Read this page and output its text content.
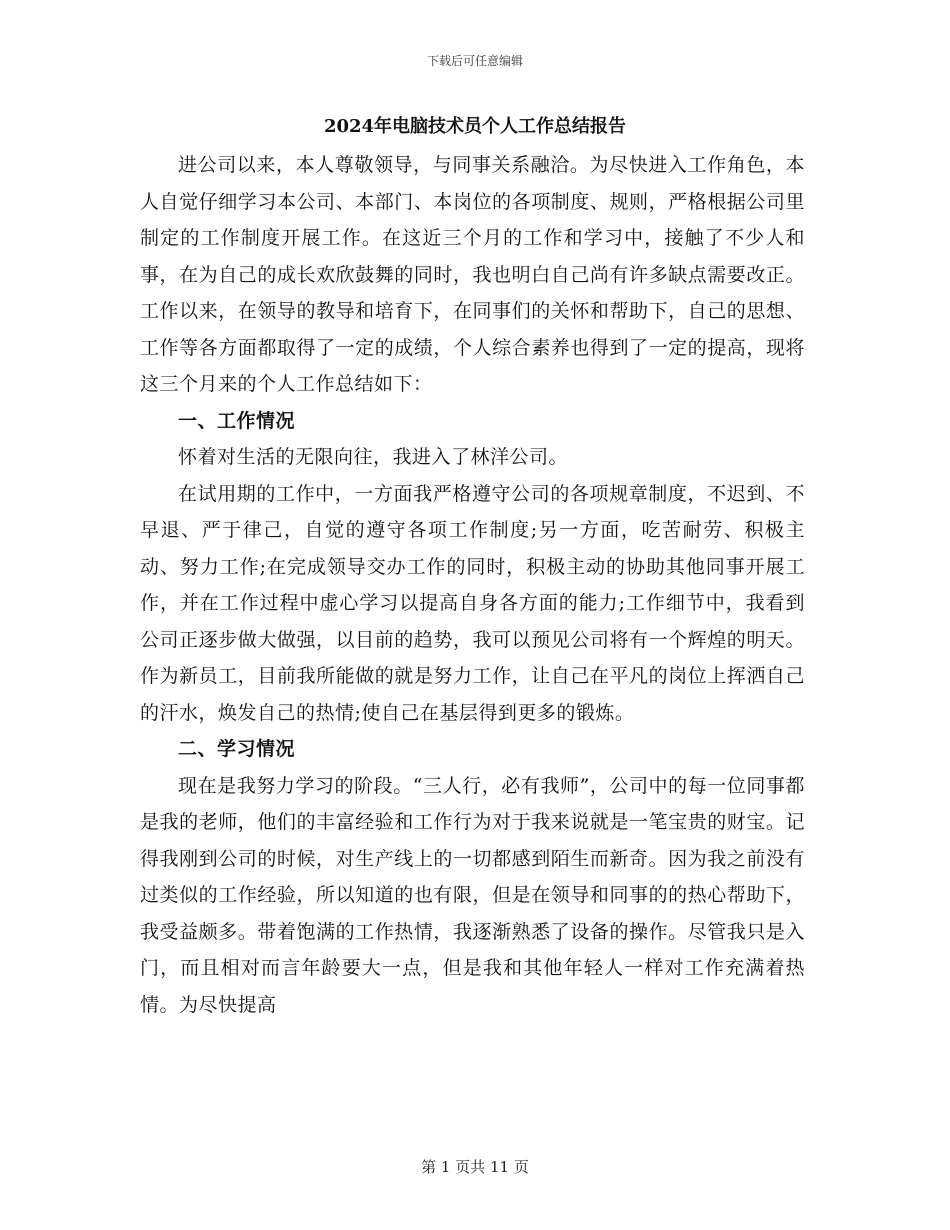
下载后可任意编辑
2024年电脑技术员个人工作总结报告

进公司以来，本人尊敬领导，与同事关系融洽。为尽快进入工作角色，本人自觉仔细学习本公司、本部门、本岗位的各项制度、规则，严格根据公司里制定的工作制度开展工作。在这近三个月的工作和学习中，接触了不少人和事，在为自己的成长欢欣鼓舞的同时，我也明白自己尚有许多缺点需要改正。工作以来，在领导的教导和培育下，在同事们的关怀和帮助下，自己的思想、工作等各方面都取得了一定的成绩，个人综合素养也得到了一定的提高，现将这三个月来的个人工作总结如下：

一、工作情况

怀着对生活的无限向往，我进入了林洋公司。

在试用期的工作中，一方面我严格遵守公司的各项规章制度，不迟到、不早退、严于律己，自觉的遵守各项工作制度;另一方面，吃苦耐劳、积极主动、努力工作;在完成领导交办工作的同时，积极主动的协助其他同事开展工作，并在工作过程中虚心学习以提高自身各方面的能力;工作细节中，我看到公司正逐步做大做强，以目前的趋势，我可以预见公司将有一个辉煌的明天。作为新员工，目前我所能做的就是努力工作，让自己在平凡的岗位上挥洒自己的汗水，焕发自己的热情;使自己在基层得到更多的锻炼。

二、学习情况

现在是我努力学习的阶段。“三人行，必有我师”，公司中的每一位同事都是我的老师，他们的丰富经验和工作行为对于我来说就是一笔宝贵的财宝。记得我刚到公司的时候，对生产线上的一切都感到陌生而新奇。因为我之前没有过类似的工作经验，所以知道的也有限，但是在领导和同事的的热心帮助下，我受益颇多。带着饱满的工作热情，我逐渐熟悉了设备的操作。尽管我只是入门，而且相对而言年龄要大一点，但是我和其他年轻人一样对工作充满着热情。为尽快提高

第 1 页共 11 页
